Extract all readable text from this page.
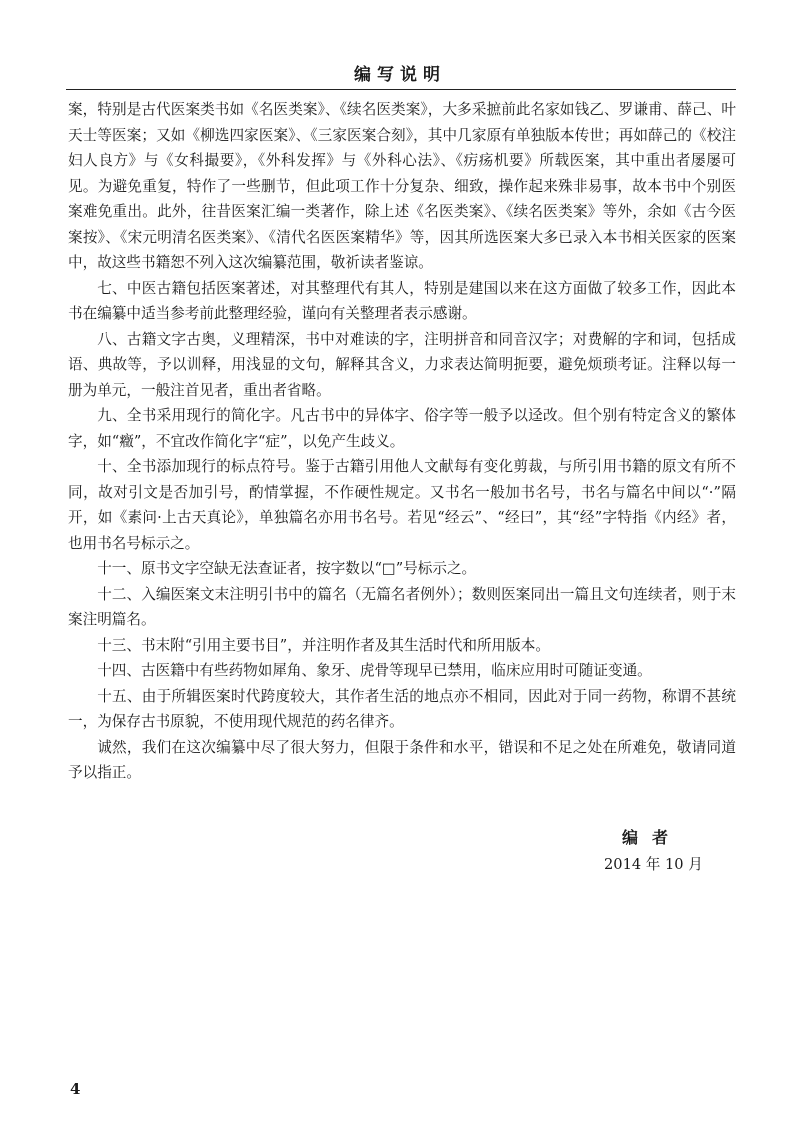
编写说明

案，特别是古代医案类书如《名医类案》、《续名医类案》，大多采摭前此名家如钱乙、罗谦甫、薛己、叶天士等医案；又如《柳选四家医案》、《三家医案合刻》，其中几家原有单独版本传世；再如薛己的《校注妇人良方》与《女科撮要》，《外科发挥》与《外科心法》、《疠疡机要》所载医案，其中重出者屡屡可见。为避免重复，特作了一些删节，但此项工作十分复杂、细致，操作起来殊非易事，故本书中个别医案难免重出。此外，往昔医案汇编一类著作，除上述《名医类案》、《续名医类案》等外，余如《古今医案按》、《宋元明清名医类案》、《清代名医医案精华》等，因其所选医案大多已录入本书相关医家的医案中，故这些书籍恕不列入这次编纂范围，敬祈读者鉴谅。

七、中医古籍包括医案著述，对其整理代有其人，特别是建国以来在这方面做了较多工作，因此本书在编纂中适当参考前此整理经验，谨向有关整理者表示感谢。

八、古籍文字古奥，义理精深，书中对难读的字，注明拼音和同音汉字；对费解的字和词，包括成语、典故等，予以训释，用浅显的文句，解释其含义，力求表达简明扼要，避免烦琐考证。注释以每一册为单元，一般注首见者，重出者省略。

九、全书采用现行的简化字。凡古书中的异体字、俗字等一般予以迳改。但个别有特定含义的繁体字，如“癥”，不宜改作简化字“症”，以免产生歧义。

十、全书添加现行的标点符号。鉴于古籍引用他人文献每有变化剪裁，与所引用书籍的原文有所不同，故对引文是否加引号，酌情掌握，不作硬性规定。又书名一般加书名号，书名与篇名中间以“·”隔开，如《素问·上古天真论》，单独篇名亦用书名号。若见“经云”、“经曰”，其“经”字特指《内经》者，也用书名号标示之。

十一、原书文字空缺无法查证者，按字数以“□”号标示之。

十二、入编医案文末注明引书中的篇名（无篇名者例外）；数则医案同出一篇且文句连续者，则于末案注明篇名。

十三、书末附“引用主要书目”，并注明作者及其生活时代和所用版本。

十四、古医籍中有些药物如犀角、象牙、虎骨等现早已禁用，临床应用时可随证变通。

十五、由于所辑医案时代跨度较大，其作者生活的地点亦不相同，因此对于同一药物，称谓不甚统一，为保存古书原貌，不使用现代规范的药名律齐。

诚然，我们在这次编纂中尽了很大努力，但限于条件和水平，错误和不足之处在所难免，敬请同道予以指正。

编者
2014 年 10 月
4
